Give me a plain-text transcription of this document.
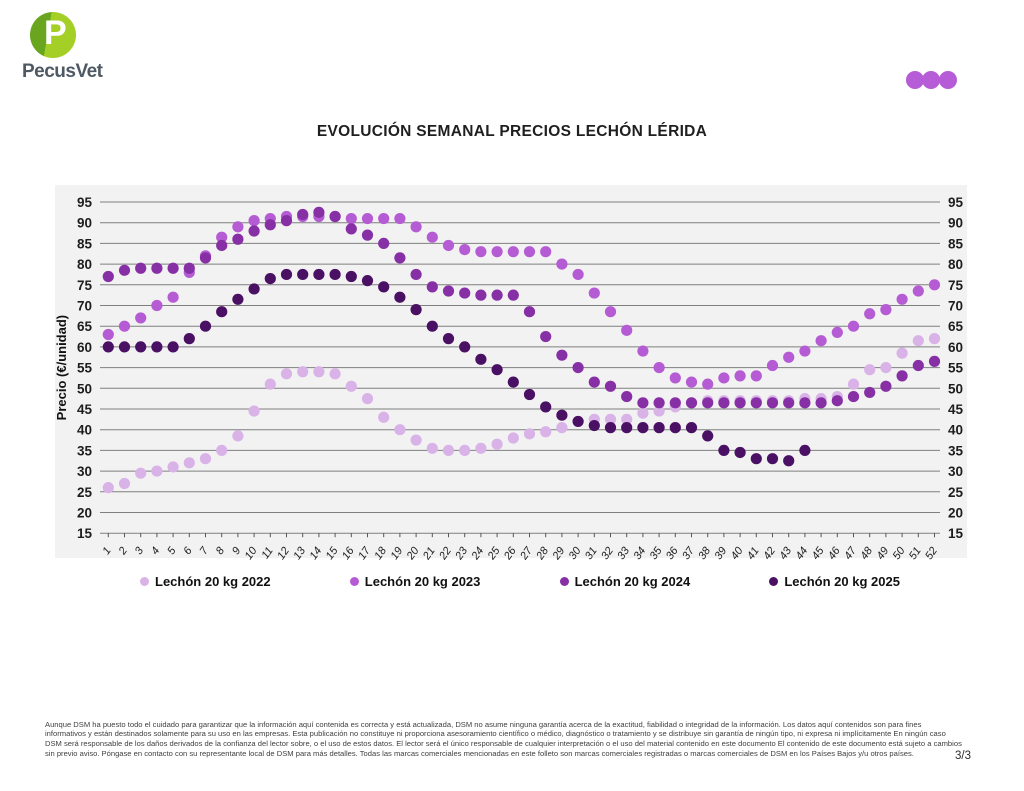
P
PecusVet
EVOLUCIÓN SEMANAL PRECIOS LECHÓN LÉRIDA
15	15
20	20
25	25
30	30
35	35
40	40
45	45
50	50
55	55
60	60
65	65
70	70
75	75
80	80
85	85
90	90
95	95
1 2 3 4 5 6 7 8 9 10 11 12 13 14 15 16 17 18 19 20 21 22 23 24 25 26 27 28 29 30 31 32 33 34 35 36 37 38 39 40 41 42 43 44 45 46 47 48 49 50 51 52
Precio (€/unidad)
Lechón 20 kg 2022	Lechón 20 kg 2023	Lechón 20 kg 2024	Lechón 20 kg 2025

Aunque DSM ha puesto todo el cuidado para garantizar que la información aquí contenida es correcta y está actualizada, DSM no asume ninguna garantía acerca de la exactitud, fiabilidad o integridad de la información. Los datos aquí contenidos son para fines informativos y están destinados solamente para su uso en las empresas. Esta publicación no constituye ni proporciona asesoramiento científico o médico, diagnóstico o tratamiento y se distribuye sin garantía de ningún tipo, ni expresa ni implícitamente En ningún caso DSM será responsable de los daños derivados de la confianza del lector sobre, o el uso de estos datos. El lector será el único responsable de cualquier interpretación o el uso del material contenido en este documento El contenido de este documento está sujeto a cambios sin previo aviso. Póngase en contacto con su representante local de DSM para más detalles. Todas las marcas comerciales mencionadas en este folleto son marcas comerciales registradas o marcas comerciales de DSM en los Países Bajos y/u otros países.	3/3
